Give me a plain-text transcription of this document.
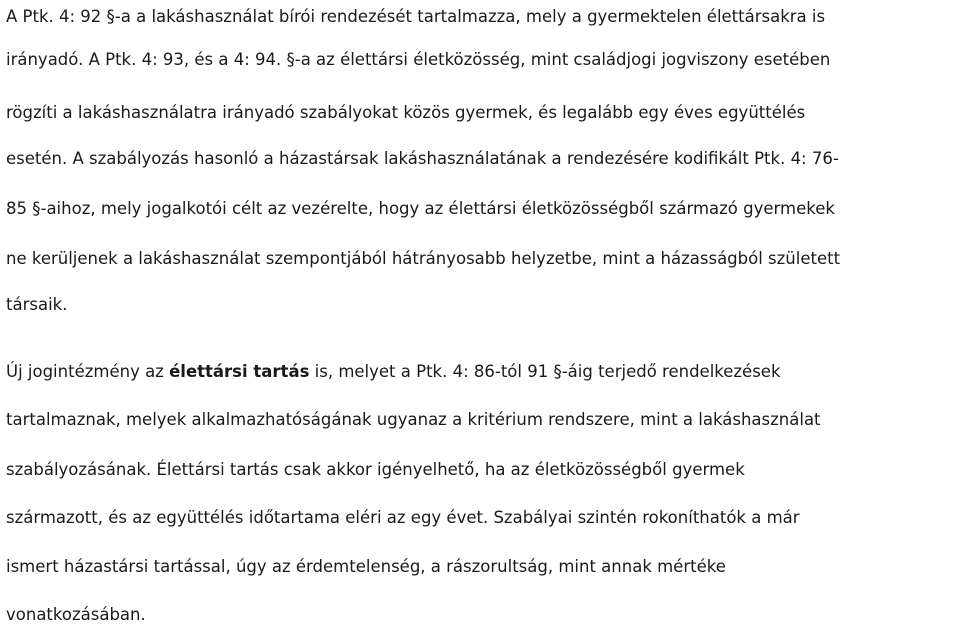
A Ptk. 4: 92 §-a a lakáshasználat bírói rendezését tartalmazza, mely a gyermektelen élettársakra is
irányadó. A Ptk. 4: 93, és a 4: 94. §-a az élettársi életközösség, mint családjogi jogviszony esetében
rögzíti a lakáshasználatra irányadó szabályokat közös gyermek, és legalább egy éves együttélés
esetén. A szabályozás hasonló a házastársak lakáshasználatának a rendezésére kodifikált Ptk. 4: 76-
85 §-aihoz, mely jogalkotói célt az vezérelte, hogy az élettársi életközösségből származó gyermekek
ne kerüljenek a lakáshasználat szempontjából hátrányosabb helyzetbe, mint a házasságból született
társaik.
Új jogintézmény az élettársi tartás is, melyet a Ptk. 4: 86-tól 91 §-áig terjedő rendelkezések
tartalmaznak, melyek alkalmazhatóságának ugyanaz a kritérium rendszere, mint a lakáshasználat
szabályozásának. Élettársi tartás csak akkor igényelhető, ha az életközösségből gyermek
származott, és az együttélés időtartama eléri az egy évet. Szabályai szintén rokoníthatók a már
ismert házastársi tartással, úgy az érdemtelenség, a rászorultság, mint annak mértéke
vonatkozásában.
